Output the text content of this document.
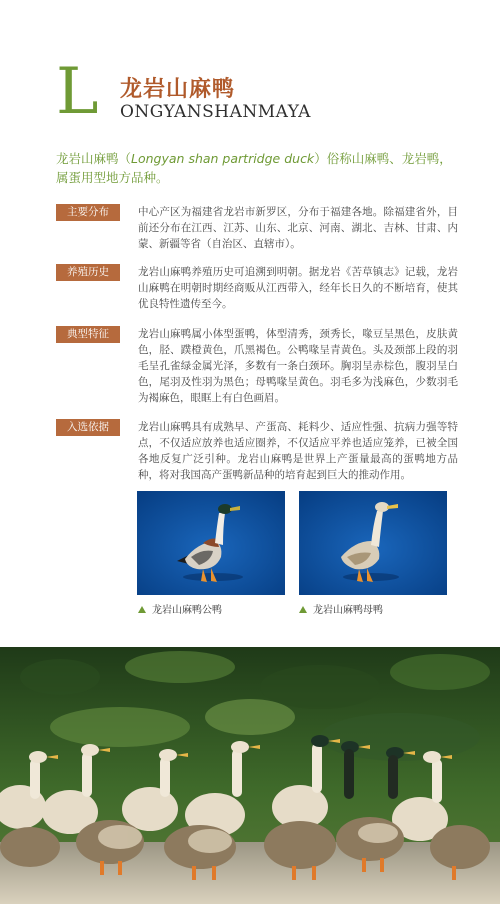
L 龙岩山麻鸭
ONGYANSHANMAYA
龙岩山麻鸭（Longyan shan partridge duck）俗称山麻鸭、龙岩鸭，属蛋用型地方品种。
主要分布	中心产区为福建省龙岩市新罗区，分布于福建各地。除福建省外，目前还分布在江西、江苏、山东、北京、河南、湖北、吉林、甘肃、内蒙、新疆等省（自治区、直辖市）。
养殖历史	龙岩山麻鸭养殖历史可追溯到明朝。据龙岩《苦草镇志》记载，龙岩山麻鸭在明朝时期经商贩从江西带入，经年长日久的不断培育，使其优良特性遗传至今。
典型特征	龙岩山麻鸭属小体型蛋鸭，体型清秀，颈秀长，喙豆呈黑色，皮肤黄色，胫、蹼橙黄色，爪黑褐色。公鸭喙呈青黄色。头及颈部上段的羽毛呈孔雀绿金属光泽，多数有一条白颈环。胸羽呈赤棕色，腹羽呈白色，尾羽及性羽为黑色；母鸭喙呈黄色。羽毛多为浅麻色，少数羽毛为褐麻色，眼眶上有白色画眉。
入选依据	龙岩山麻鸭具有成熟早、产蛋高、耗料少、适应性强、抗病力强等特点，不仅适应放养也适应圈养，不仅适应平养也适应笼养，已被全国各地反复广泛引种。龙岩山麻鸭是世界上产蛋量最高的蛋鸭地方品种，将对我国高产蛋鸭新品种的培育起到巨大的推动作用。
龙岩山麻鸭公鸭	龙岩山麻鸭母鸭
